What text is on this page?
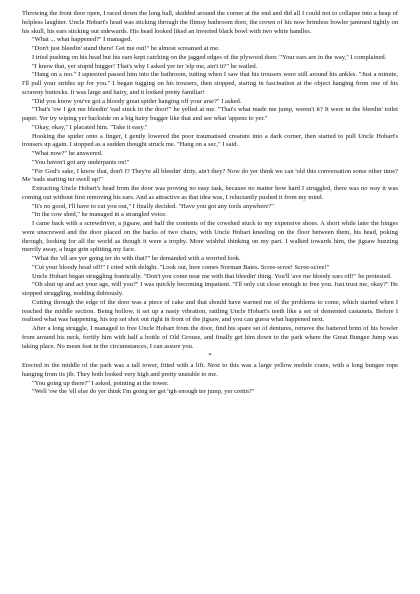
Throwing the front door open, I raced down the long hall, skidded around the corner at the end and did all I could not to collapse into a heap of helpless laughter. Uncle Hobart's head was sticking through the flimsy bathroom door, the crown of his now brimless bowler jammed tightly on his skull, his ears sticking out sidewards. His head looked liked an inverted black bowl with two white handles.

"What ... what happened?" I managed.

"Don't just bleedin' stand there! Get me out!" he almost screamed at me.

I tried pushing on his head but his ears kept catching on the jagged edges of the plywood door. "Your ears are in the way," I complained.

"I know that, yer stupid bugger! That's why I asked yer ter 'elp me, ain't it?" he wailed.

"Hang on a mo." I squeezed passed him into the bathroom, tutting when I saw that his trousers were still around his ankles. "Just a minute, I'll pull your strides up for you." I began tugging on his trousers, then stopped, staring in fascination at the object hanging from one of his scrawny buttocks. It was large and hairy, and it looked pretty familiar!

"Did you know you've got a bloody great spider hanging off your arse?" I asked.

"That's 'ow I got me bleedin' 'ead stuck in the door!" he yelled at me. "That's what made me jump, weren't it? It were in the bleedin' toilet paper. Yer try wiping yer backside on a big hairy bugger like that and see what 'appens to yer."

"Okay, okay," I placated him. "Take it easy."

Hooking the spider onto a finger, I gently lowered the poor traumatised creature into a dark corner, then started to pull Uncle Hobart's trousers up again. I stopped as a sudden thought struck me. "Hang on a sec," I said.

"What now?" he answered.

"You haven't got any underpants on!"

"Fer God's sake, I know that, don't I? They're all bleedin' dirty, ain't they? Now do yer think we can 'old this conversation some other time? Me 'eads starting ter swell up!"

Extracting Uncle Hobart's head from the door was proving no easy task, because no matter how hard I struggled, there was no way it was coming out without first removing his ears. And as attractive as that idea was, I reluctantly pushed it from my mind.

"It's no good, I'll have to cut you out," I finally decided. "Have you got any tools anywhere?"

"In the cow shed," he managed in a strangled voice.

I came back with a screwdriver, a jigsaw, and half the contents of the cowshed stuck to my expensive shoes. A short while later the hinges were unscrewed and the door placed on the backs of two chairs, with Uncle Hobart kneeling on the floor between them, his head, poking through, looking for all the world as though it were a trophy. More wishful thinking on my part. I walked towards him, the jigsaw buzzing merrily away, a huge grin splitting my face.

"What the 'ell are yer going ter do with that?" he demanded with a worried look.

"Cut your bloody head off!" I cried with delight. "Look out, here comes Norman Bates. Scree-scree! Scree-scree!"

Uncle Hobart began struggling frantically. "Don't you come near me with that bleedin' thing. You'll 'ave me bloody ears off!" he protested.

"Oh shut up and act your age, will you?" I was quickly becoming impatient. "I'll only cut close enough to free you. Just trust me, okay?" He stopped struggling, nodding dubiously.

Cutting through the edge of the door was a piece of cake and that should have warned me of the problems to come, which started when I reached the middle section. Being hollow, it set up a nasty vibration, rattling Uncle Hobart's teeth like a set of demented castanets. Before I realised what was happening, his top set shot out right in front of the jigsaw, and you can guess what happened next.

After a long struggle, I managed to free Uncle Hobart from the door, find his spare set of dentures, remove the battered brim of his bowler from around his neck, fortify him with half a bottle of Old Grouse, and finally get him down to the park where the Great Bungee Jump was taking place. No mean feat in the circumstances, I can assure you.

*

Erected in the middle of the park was a tall tower, fitted with a lift. Next to this was a large yellow mobile crane, with a long bungee rope hanging from its jib. They both looked very high and pretty unstable to me.

"You going up there?" I asked, pointing at the tower.

"Well 'ow the 'ell else do yer think I'm going ter get 'igh enough ter jump, yer cretin?"
